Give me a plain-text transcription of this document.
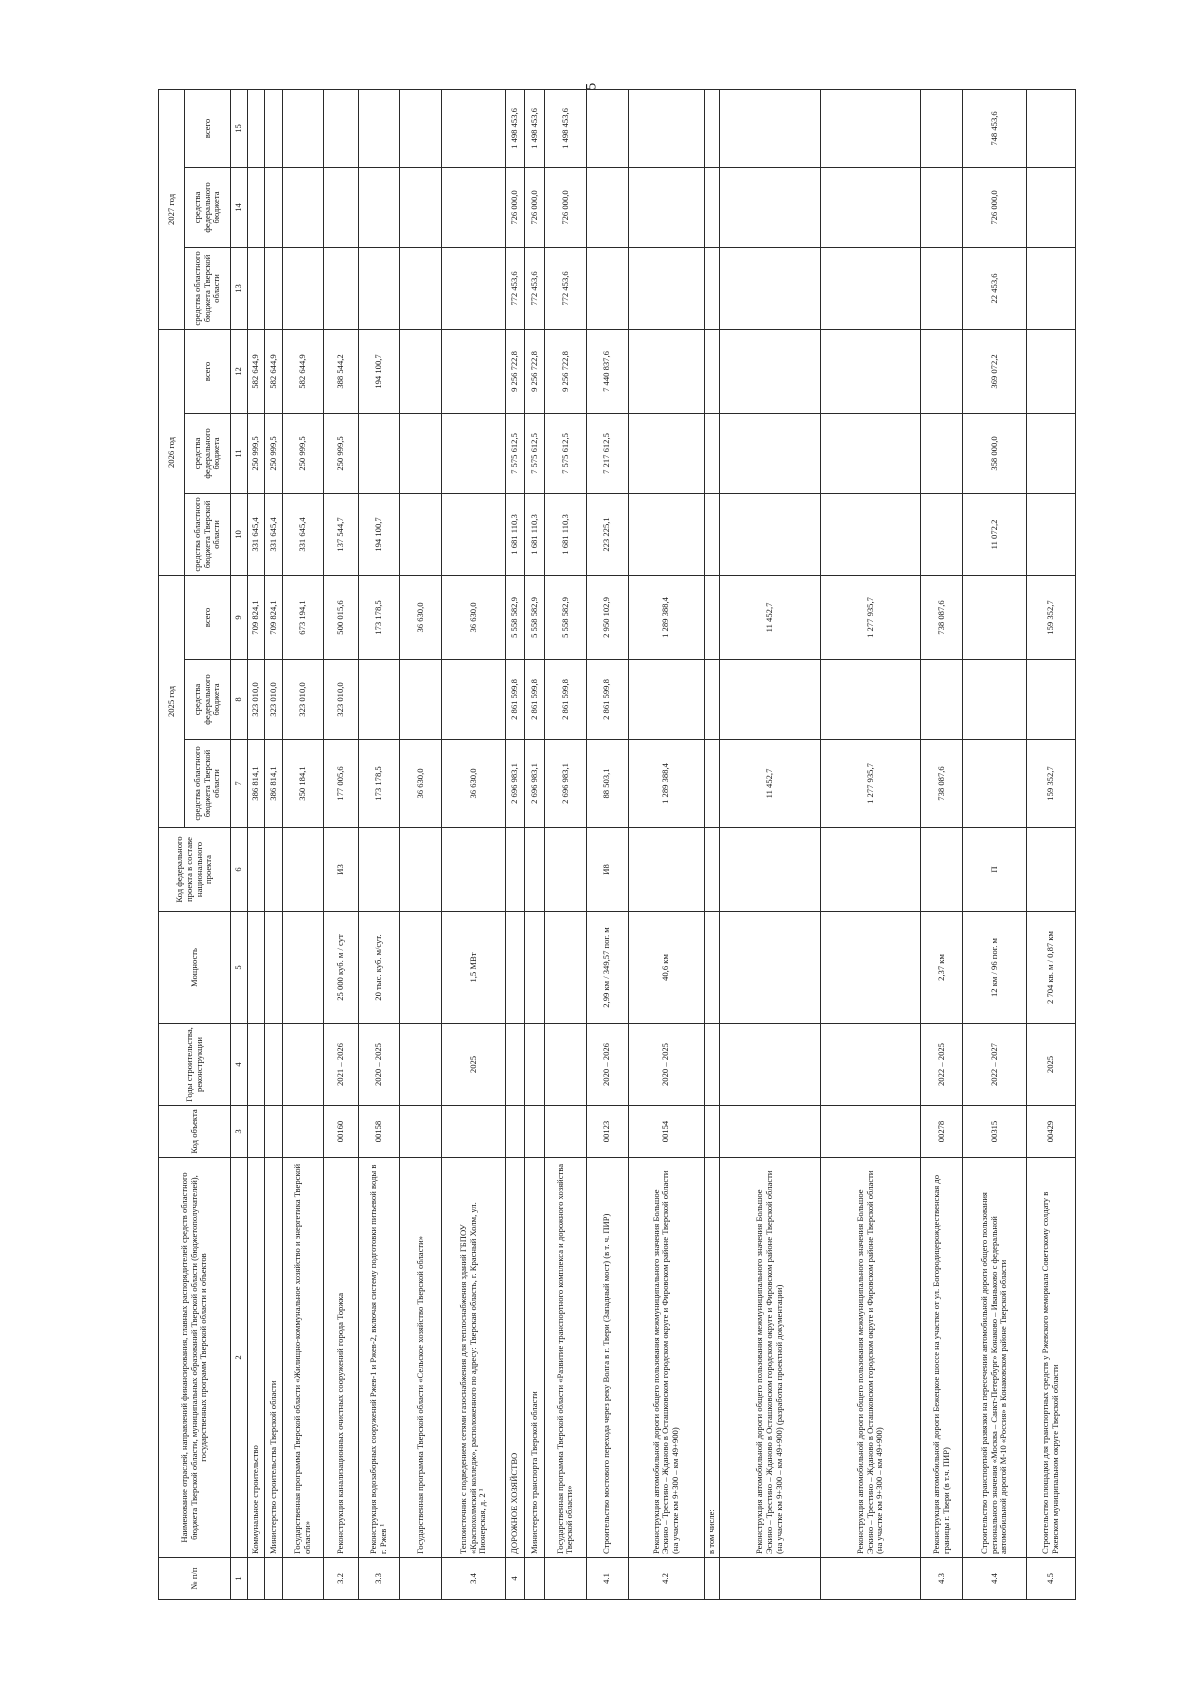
5
№ п/п	Наименование отраслей, направлений финансирования, главных распорядителей средств областного бюджета Тверской области, муниципальных образований Тверской области (бюджетополучателей), государственных программ Тверской области и объектов	Код объекта	Годы строительства, реконструкции	Мощность	Код федерального проекта в составе национального проекта	2025 год			2026 год			2027 год		
						средства областного бюджета Тверской области	средства федерального бюджета	всего	средства областного бюджета Тверской области	средства федерального бюджета	всего	средства областного бюджета Тверской области	средства федерального бюджета	всего
1	2	3	4	5	6	7	8	9	10	11	12	13	14	15
	Коммунальное строительство					386 814,1	323 010,0	709 824,1	331 645,4	250 999,5	582 644,9			
	Министерство строительства Тверской области					386 814,1	323 010,0	709 824,1	331 645,4	250 999,5	582 644,9			
	Государственная программа Тверской области «Жилищно-коммунальное хозяйство и энергетика Тверской области»					350 184,1	323 010,0	673 194,1	331 645,4	250 999,5	582 644,9			
3.2	Реконструкция канализационных очистных сооружений города Торжка	00160	2021 – 2026	25 000 куб. м / сут	И3	177 005,6	323 010,0	500 015,6	137 544,7	250 999,5	388 544,2			
3.3	Реконструкция водозаборных сооружений Ржев-1 и Ржев-2, включая систему подготовки питьевой воды в г. Ржев ¹	00158	2020 – 2025	20 тыс. куб. м/сут.		173 178,5		173 178,5	194 100,7		194 100,7			
	Государственная программа Тверской области «Сельское хозяйство Тверской области»					36 630,0		36 630,0						
3.4	Теплоисточник с подведением сетями газоснабжения для теплоснабжения зданий ГБПОУ «Красnoхолмский колледж», расположенного по адресу: Тверская область, г. Красный Холм, ул. Пионерская, д. 2 ¹		2025	1,5 МВт		36 630,0		36 630,0						
4	ДОРОЖНОЕ ХОЗЯЙСТВО					2 696 983,1	2 861 599,8	5 558 582,9	1 681 110,3	7 575 612,5	9 256 722,8	772 453,6	726 000,0	1 498 453,6
	Министерство транспорта Тверской области					2 696 983,1	2 861 599,8	5 558 582,9	1 681 110,3	7 575 612,5	9 256 722,8	772 453,6	726 000,0	1 498 453,6
	Государственная программа Тверской области «Развитие транспортного комплекса и дорожного хозяйства Тверской области»					2 696 983,1	2 861 599,8	5 558 582,9	1 681 110,3	7 575 612,5	9 256 722,8	772 453,6	726 000,0	1 498 453,6
4.1	Строительство мостового перехода через реку Волга в г. Твери (Западный мост) (в т. ч. ПИР)	00123	2020 – 2026	2,99 км / 349,57 пог. м	И8	88 503,1	2 861 599,8	2 950 102,9	223 225,1	7 217 612,5	7 440 837,6			
4.2	Реконструкция автомобильной дороги общего пользования межмуниципального значения Большое Эскино – Трестино – Жданово в Осташковском городском округе и Фировском районе Тверской области (на участке км 9+300 – км 49+900)	00154	2020 – 2025	40,6 км		1 289 388,4		1 289 388,4						
	в том числе:													
	Реконструкция автомобильной дороги общего пользования межмуниципального значения Большое Эскино – Трестино – Жданово в Осташковском городском округе и Фировском районе Тверской области (на участке км 9+300 – км 49+900) (разработка проектной документации)					11 452,7		11 452,7						
	Реконструкция автомобильной дороги общего пользования межмуниципального значения Большое Эскино – Трестино – Жданово в Осташковском городском округе и Фировском районе Тверской области (на участке км 9+300 – км 49+900)					1 277 935,7		1 277 935,7						
4.3	Реконструкция автомобильной дороги Бежецкое шоссе на участке от ул. Богородицерождественская до границы г. Твери (в т.ч. ПИР)	00278	2022 – 2025	2,37 км		738 087,6		738 087,6						
4.4	Строительство транспортной развязки на пересечении автомобильной дороги общего пользования регионального значения «Москва – Санкт-Петербург» Конаково – Иваньково с федеральной автомобильной дорогой М-10 «Россия» в Конаковском районе Тверской области	00315	2022 – 2027	12 км / 96 пог. м	П				11 072,2	358 000,0	369 072,2	22 453,6	726 000,0	748 453,6
4.5	Строительство площадки для транспортных средств у Ржевского мемориала Советскому солдату в Ржевском муниципальном округе Тверской области	00429	2025	2 704 кв. м / 0,87 км		159 352,7		159 352,7						
